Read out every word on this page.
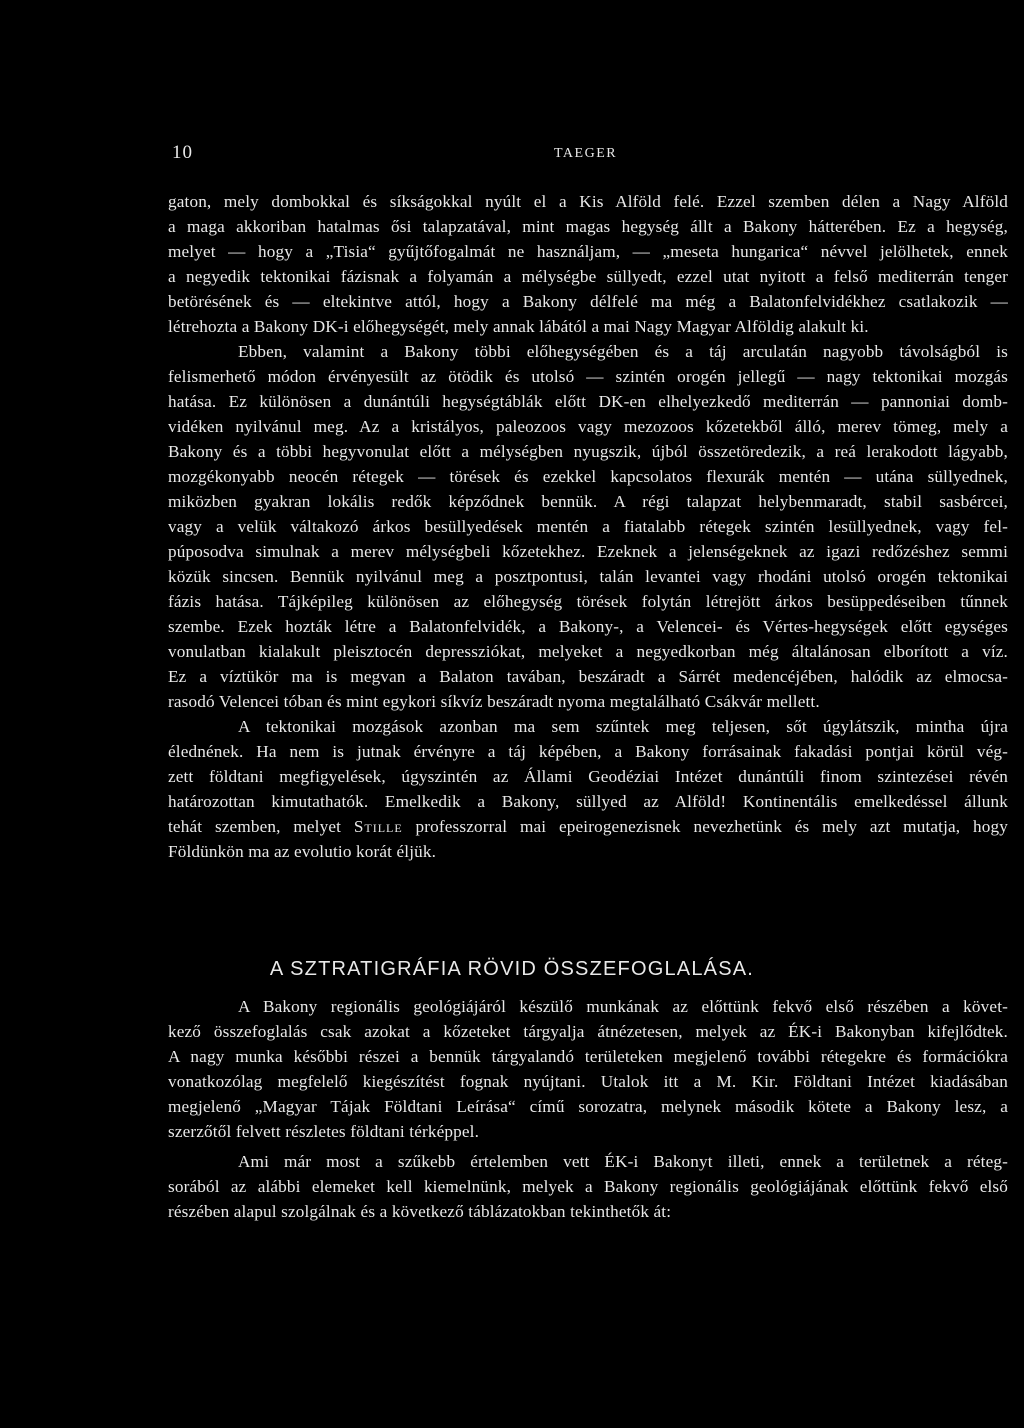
10	TAEGER
gaton, mely dombokkal és síkságokkal nyúlt el a Kis Alföld felé. Ezzel szemben délen a Nagy Alföld
a maga akkoriban hatalmas ősi talapzatával, mint magas hegység állt a Bakony hátterében. Ez a hegység,
melyet — hogy a „Tisia“ gyűjtőfogalmát ne használjam, — „meseta hungarica“ névvel jelölhetek, ennek
a negyedik tektonikai fázisnak a folyamán a mélységbe süllyedt, ezzel utat nyitott a felső mediterrán tenger
betörésének és — eltekintve attól, hogy a Bakony délfelé ma még a Balatonfelvidékhez csatlakozik —
létrehozta a Bakony DK-i előhegységét, mely annak lábától a mai Nagy Magyar Alföldig alakult ki.
Ebben, valamint a Bakony többi előhegységében és a táj arculatán nagyobb távolságból is
felismerhető módon érvényesült az ötödik és utolsó — szintén orogén jellegű — nagy tektonikai mozgás
hatása. Ez különösen a dunántúli hegységtáblák előtt DK-en elhelyezkedő mediterrán — pannoniai domb-
vidéken nyilvánul meg. Az a kristályos, paleozoos vagy mezozoos kőzetekből álló, merev tömeg, mely a
Bakony és a többi hegyvonulat előtt a mélységben nyugszik, újból összetöredezik, a reá lerakodott lágyabb,
mozgékonyabb neocén rétegek — törések és ezekkel kapcsolatos flexurák mentén — utána süllyednek,
miközben gyakran lokális redők képződnek bennük. A régi talapzat helybenmaradt, stabil sasbércei,
vagy a velük váltakozó árkos besüllyedések mentén a fiatalabb rétegek szintén lesüllyednek, vagy fel-
púposodva simulnak a merev mélységbeli kőzetekhez. Ezeknek a jelenségeknek az igazi redőzéshez semmi
közük sincsen. Bennük nyilvánul meg a posztpontusi, talán levantei vagy rhodáni utolsó orogén tektonikai
fázis hatása. Tájképileg különösen az előhegység törések folytán létrejött árkos besüppedéseiben tűnnek
szembe. Ezek hozták létre a Balatonfelvidék, a Bakony-, a Velencei- és Vértes-hegységek előtt egységes
vonulatban kialakult pleisztocén depressziókat, melyeket a negyedkorban még általánosan elborított a víz.
Ez a víztükör ma is megvan a Balaton tavában, beszáradt a Sárrét medencéjében, halódik az elmocsa-
rasodó Velencei tóban és mint egykori síkvíz beszáradt nyoma megtalálható Csákvár mellett.
A tektonikai mozgások azonban ma sem szűntek meg teljesen, sőt úgylátszik, mintha újra
élednének. Ha nem is jutnak érvényre a táj képében, a Bakony forrásainak fakadási pontjai körül vég-
zett földtani megfigyelések, úgyszintén az Állami Geodéziai Intézet dunántúli finom szintezései révén
határozottan kimutathatók. Emelkedik a Bakony, süllyed az Alföld! Kontinentális emelkedéssel állunk
tehát szemben, melyet Stille professzorral mai epeirogenezisnek nevezhetünk és mely azt mutatja, hogy
Földünkön ma az evolutio korát éljük.
A SZTRATIGRÁFIA RÖVID ÖSSZEFOGLALÁSA.
A Bakony regionális geológiájáról készülő munkának az előttünk fekvő első részében a követ-
kező összefoglalás csak azokat a kőzeteket tárgyalja átnézetesen, melyek az ÉK-i Bakonyban kifejlődtek.
A nagy munka későbbi részei a bennük tárgyalandó területeken megjelenő további rétegekre és formációkra
vonatkozólag megfelelő kiegészítést fognak nyújtani. Utalok itt a M. Kir. Földtani Intézet kiadásában
megjelenő „Magyar Tájak Földtani Leírása“ című sorozatra, melynek második kötete a Bakony lesz, a
szerzőtől felvett részletes földtani térképpel.
Ami már most a szűkebb értelemben vett ÉK-i Bakonyt illeti, ennek a területnek a réteg-
sorából az alábbi elemeket kell kiemelnünk, melyek a Bakony regionális geológiájának előttünk fekvő első
részében alapul szolgálnak és a következő táblázatokban tekinthetők át:
